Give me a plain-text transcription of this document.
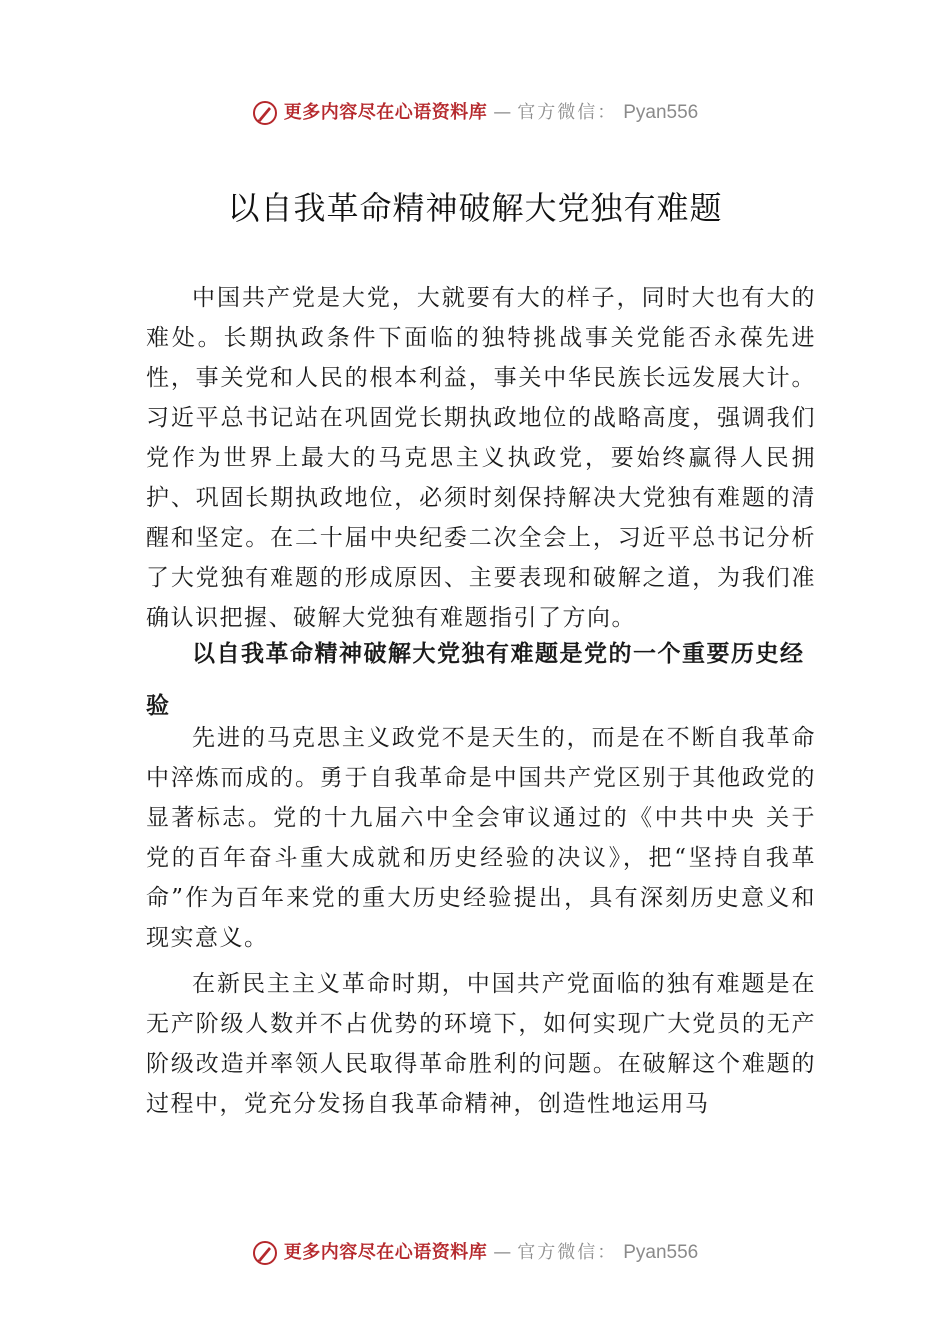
更多内容尽在心语资料库 — 官方微信： Pyan556
以自我革命精神破解大党独有难题

中国共产党是大党，大就要有大的样子，同时大也有大的难处。长期执政条件下面临的独特挑战事关党能否永葆先进性，事关党和人民的根本利益，事关中华民族长远发展大计。习近平总书记站在巩固党长期执政地位的战略高度，强调我们党作为世界上最大的马克思主义执政党，要始终赢得人民拥护、巩固长期执政地位，必须时刻保持解决大党独有难题的清醒和坚定。在二十届中央纪委二次全会上，习近平总书记分析了大党独有难题的形成原因、主要表现和破解之道，为我们准确认识把握、破解大党独有难题指引了方向。

以自我革命精神破解大党独有难题是党的一个重要历史经验

先进的马克思主义政党不是天生的，而是在不断自我革命中淬炼而成的。勇于自我革命是中国共产党区别于其他政党的显著标志。党的十九届六中全会审议通过的《中共中央 关于党的百年奋斗重大成就和历史经验的决议》，把“坚持自我革命”作为百年来党的重大历史经验提出，具有深刻历史意义和现实意义。

在新民主主义革命时期，中国共产党面临的独有难题是在无产阶级人数并不占优势的环境下，如何实现广大党员的无产阶级改造并率领人民取得革命胜利的问题。在破解这个难题的过程中，党充分发扬自我革命精神，创造性地运用马

更多内容尽在心语资料库 — 官方微信： Pyan556
